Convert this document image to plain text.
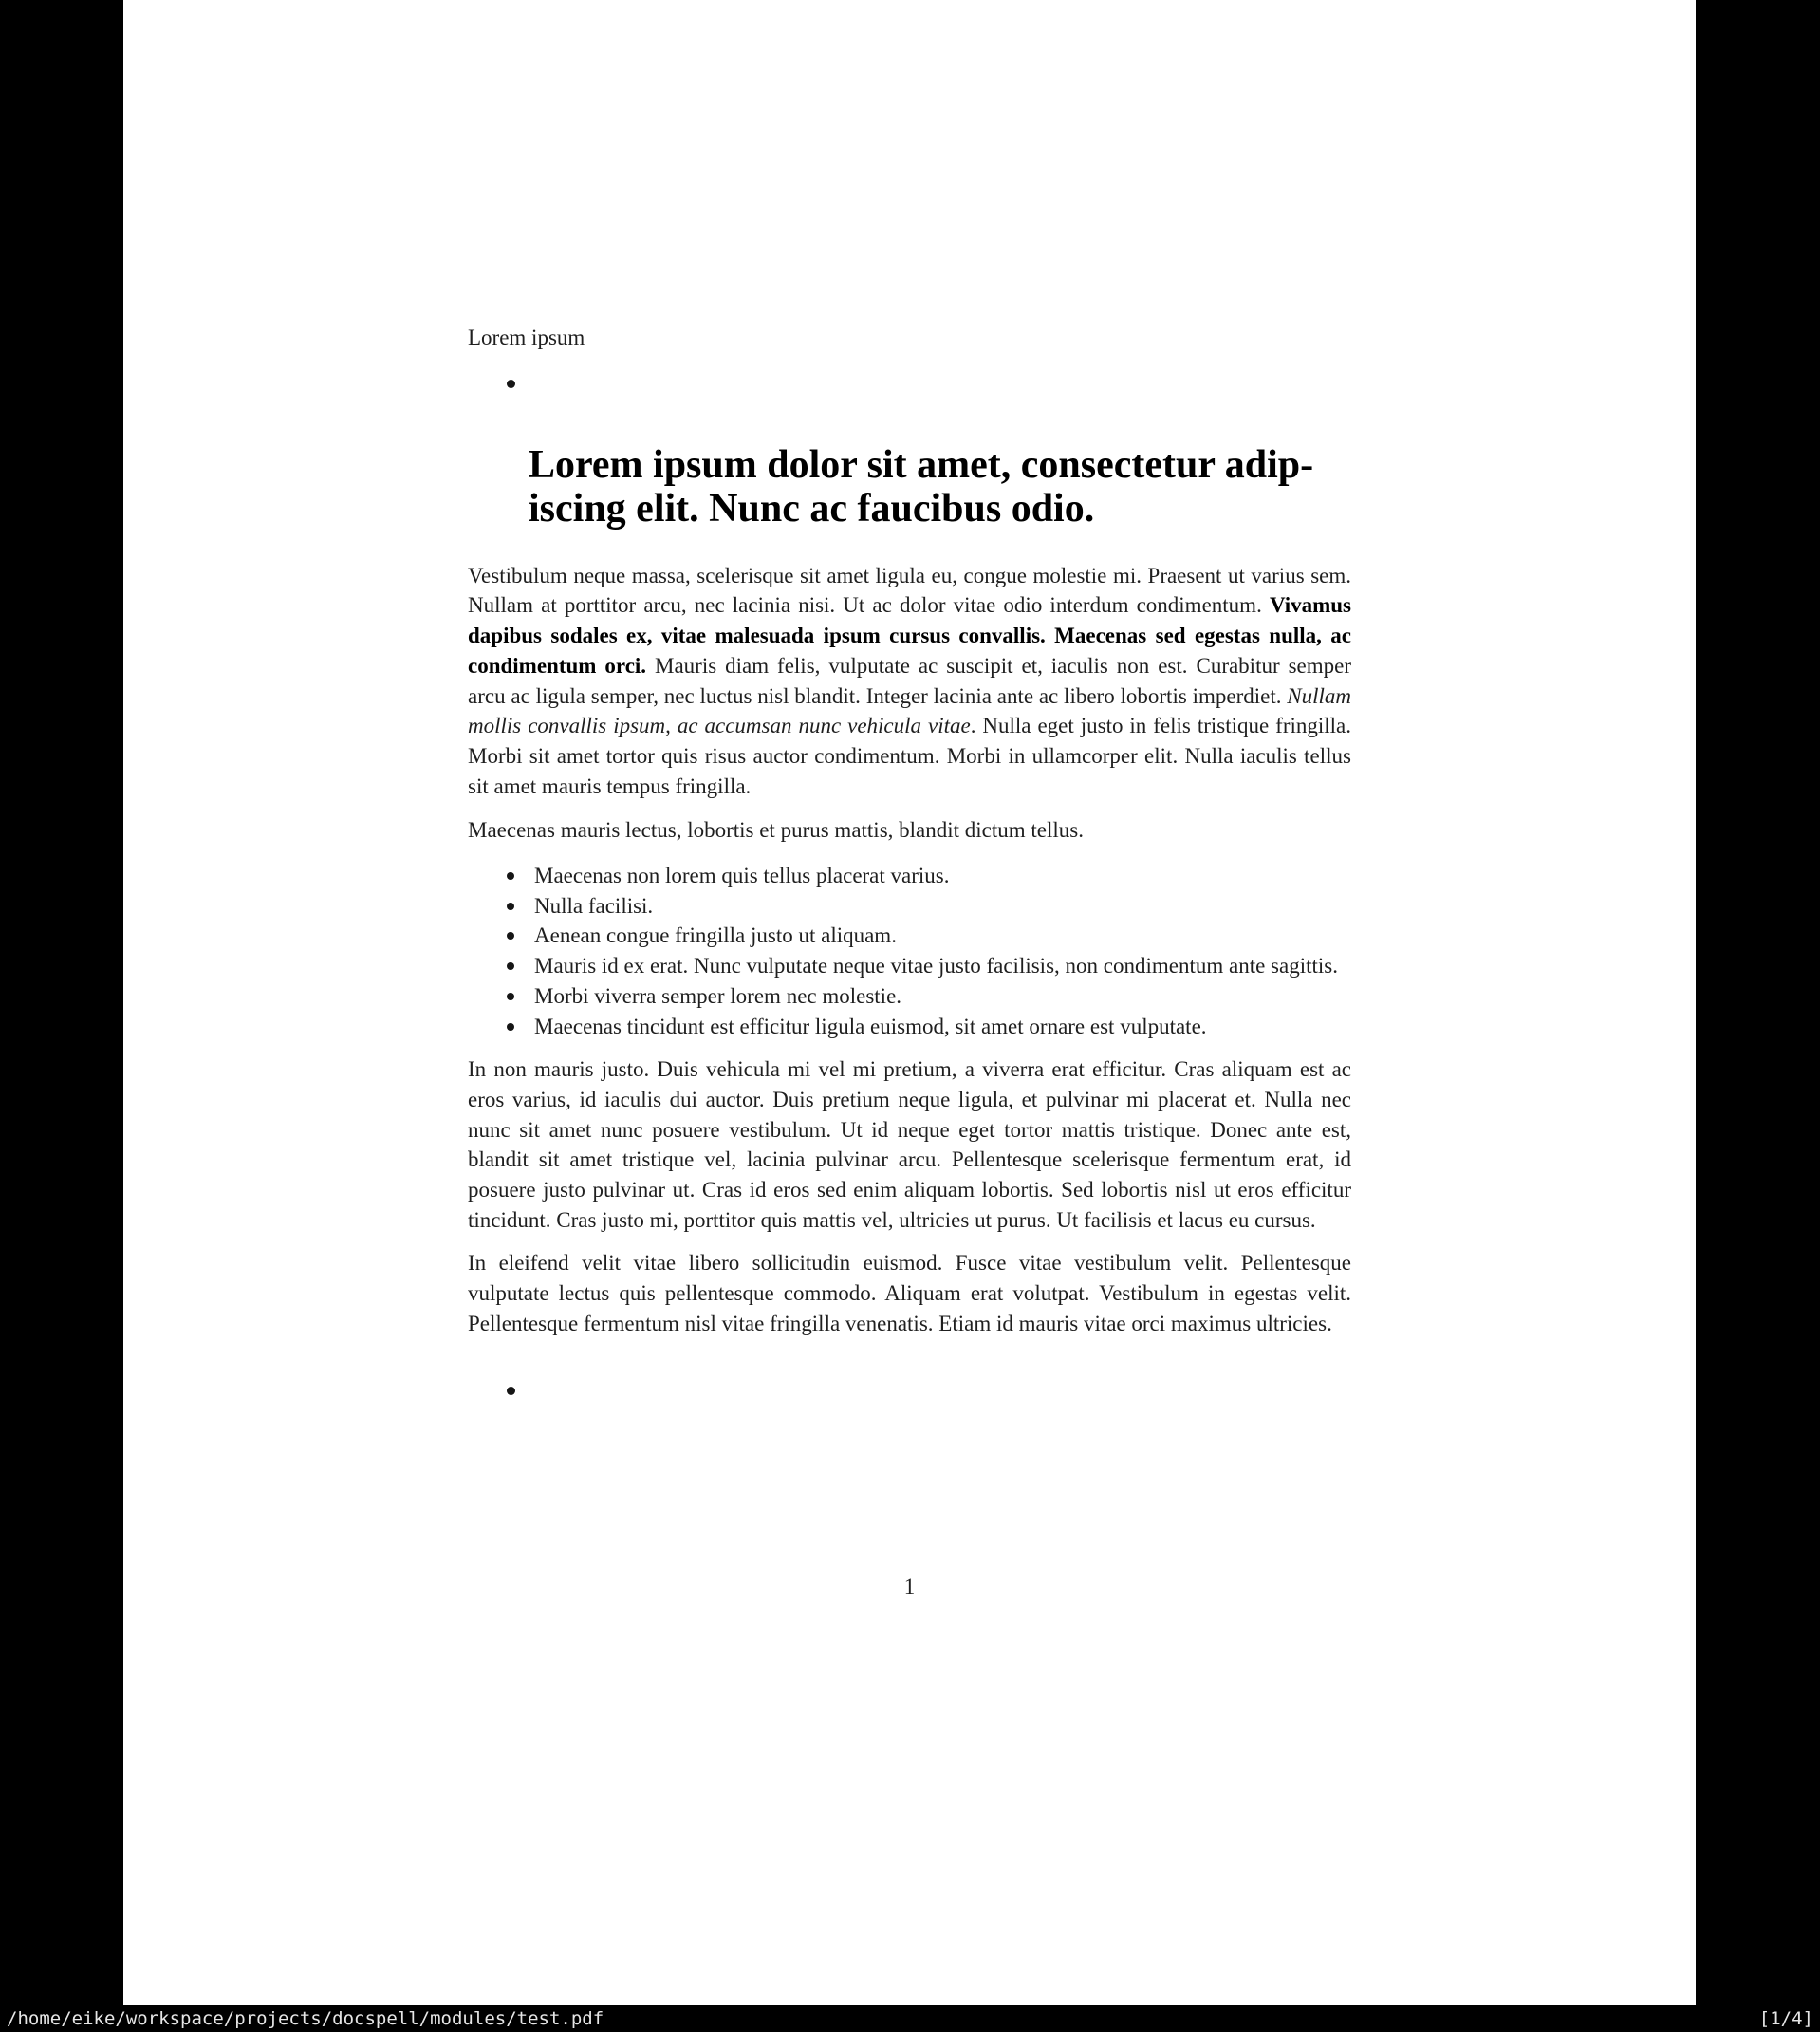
Lorem ipsum
Lorem ipsum dolor sit amet, consectetur adip-
iscing elit. Nunc ac faucibus odio.

Vestibulum neque massa, scelerisque sit amet ligula eu, congue molestie mi. Praesent ut varius sem. Nullam at porttitor arcu, nec lacinia nisi. Ut ac dolor vitae odio interdum condimentum. Vivamus dapibus sodales ex, vitae malesuada ipsum cursus convallis. Maecenas sed egestas nulla, ac condimentum orci. Mauris diam felis, vulputate ac suscipit et, iaculis non est. Curabitur semper arcu ac ligula semper, nec luctus nisl blandit. Integer lacinia ante ac libero lobortis imperdiet. Nullam mollis convallis ipsum, ac accumsan nunc vehicula vitae. Nulla eget justo in felis tristique fringilla. Morbi sit amet tortor quis risus auctor condimentum. Morbi in ullamcorper elit. Nulla iaculis tellus sit amet mauris tempus fringilla.

Maecenas mauris lectus, lobortis et purus mattis, blandit dictum tellus.

Maecenas non lorem quis tellus placerat varius.
Nulla facilisi.
Aenean congue fringilla justo ut aliquam.
Mauris id ex erat. Nunc vulputate neque vitae justo facilisis, non condimentum ante sagittis.
Morbi viverra semper lorem nec molestie.
Maecenas tincidunt est efficitur ligula euismod, sit amet ornare est vulputate.

In non mauris justo. Duis vehicula mi vel mi pretium, a viverra erat efficitur. Cras aliquam est ac eros varius, id iaculis dui auctor. Duis pretium neque ligula, et pulvinar mi placerat et. Nulla nec nunc sit amet nunc posuere vestibulum. Ut id neque eget tortor mattis tristique. Donec ante est, blandit sit amet tristique vel, lacinia pulvinar arcu. Pellentesque scelerisque fermentum erat, id posuere justo pulvinar ut. Cras id eros sed enim aliquam lobortis. Sed lobortis nisl ut eros efficitur tincidunt. Cras justo mi, porttitor quis mattis vel, ultricies ut purus. Ut facilisis et lacus eu cursus.

In eleifend velit vitae libero sollicitudin euismod. Fusce vitae vestibulum velit. Pellentesque vulputate lectus quis pellentesque commodo. Aliquam erat volutpat. Vestibulum in egestas velit. Pellentesque fermentum nisl vitae fringilla venenatis. Etiam id mauris vitae orci maximus ultricies.

1
/home/eike/workspace/projects/docspell/modules/test.pdf	[1/4]
